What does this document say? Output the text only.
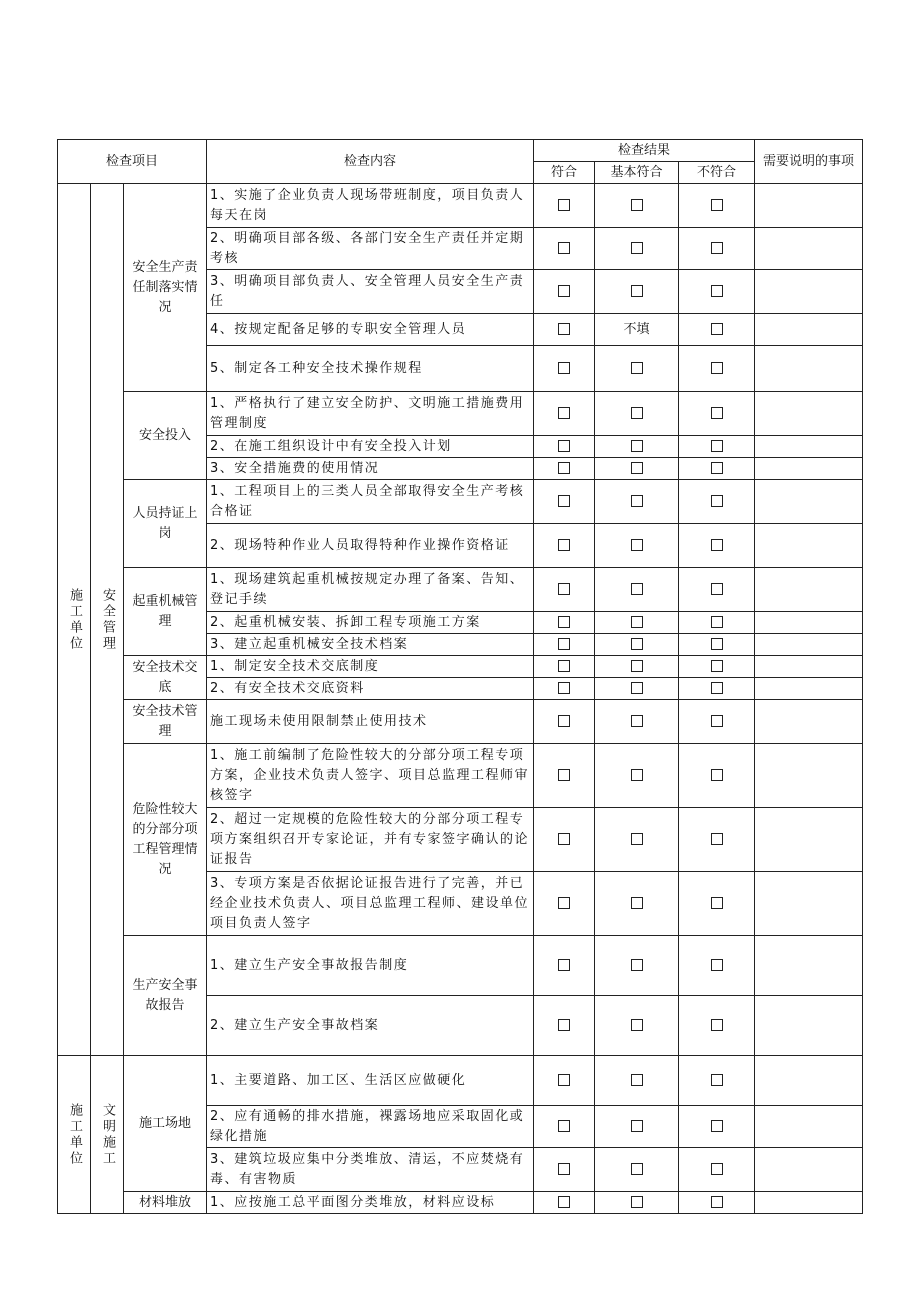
检查项目			检查内容	检查结果			需要说明的事项
				符合	基本符合	不符合	
施工单位	安全管理	安全生产责任制落实情况	1、实施了企业负责人现场带班制度，项目负责人每天在岗				
			2、明确项目部各级、各部门安全生产责任并定期考核				
			3、明确项目部负责人、安全管理人员安全生产责任				
			4、按规定配备足够的专职安全管理人员		不填		
			5、制定各工种安全技术操作规程				
		安全投入	1、严格执行了建立安全防护、文明施工措施费用管理制度				
			2、在施工组织设计中有安全投入计划				
			3、安全措施费的使用情况				
		人员持证上岗	1、工程项目上的三类人员全部取得安全生产考核合格证				
			2、现场特种作业人员取得特种作业操作资格证				
		起重机械管理	1、现场建筑起重机械按规定办理了备案、告知、登记手续				
			2、起重机械安装、拆卸工程专项施工方案				
			3、建立起重机械安全技术档案				
		安全技术交底	1、制定安全技术交底制度				
			2、有安全技术交底资料				
		安全技术管理	施工现场未使用限制禁止使用技术				
		危险性较大的分部分项工程管理情况	1、施工前编制了危险性较大的分部分项工程专项方案，企业技术负责人签字、项目总监理工程师审核签字				
			2、超过一定规模的危险性较大的分部分项工程专项方案组织召开专家论证，并有专家签字确认的论证报告				
			3、专项方案是否依据论证报告进行了完善，并已经企业技术负责人、项目总监理工程师、建设单位项目负责人签字				
		生产安全事故报告	1、建立生产安全事故报告制度				
			2、建立生产安全事故档案				
施工单位	文明施工	施工场地	1、主要道路、加工区、生活区应做硬化				
			2、应有通畅的排水措施，裸露场地应采取固化或绿化措施				
			3、建筑垃圾应集中分类堆放、清运，不应焚烧有毒、有害物质				
		材料堆放	1、应按施工总平面图分类堆放，材料应设标				
